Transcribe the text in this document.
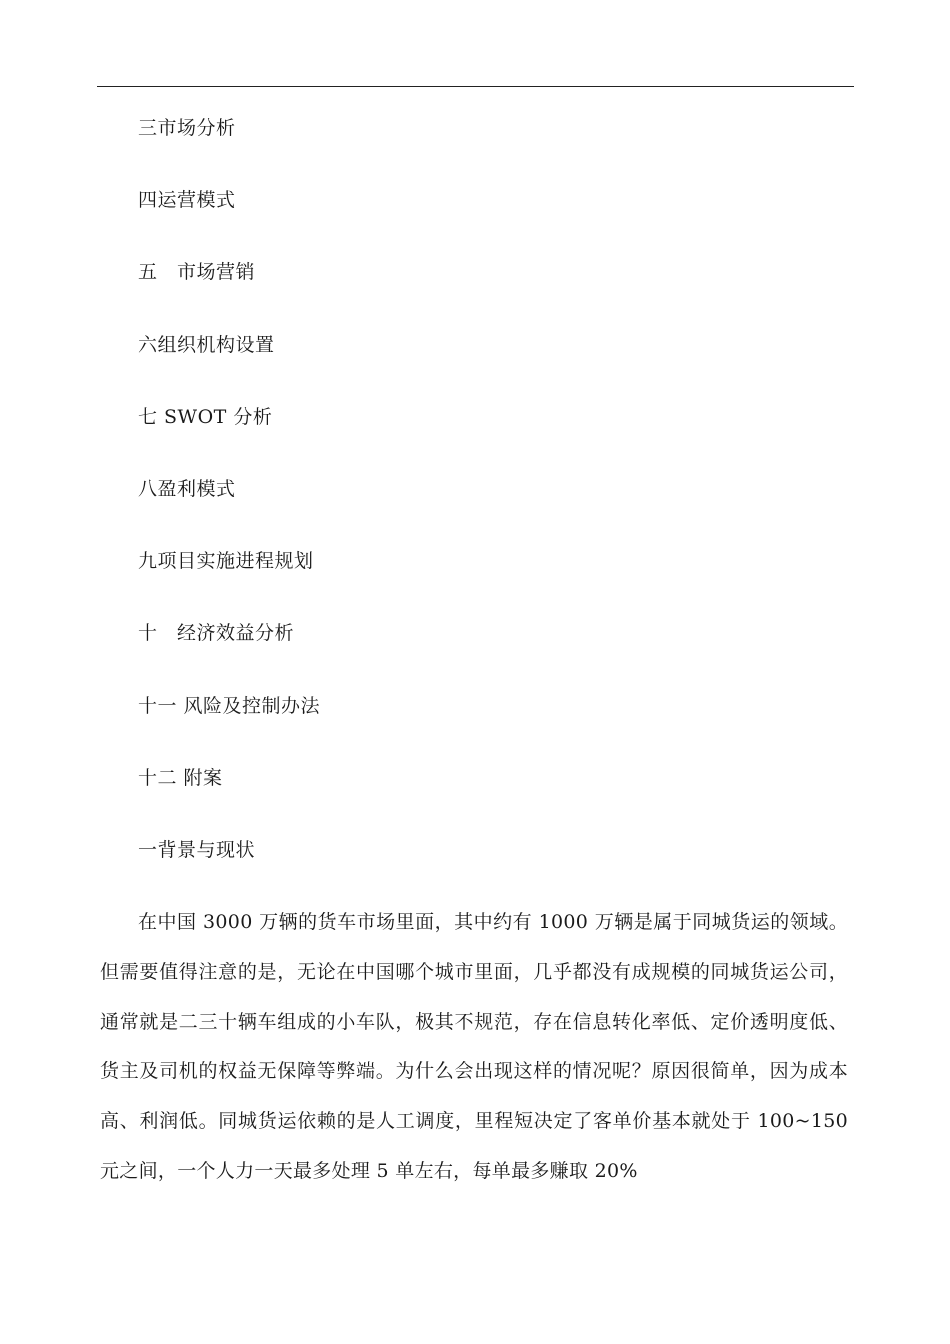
三市场分析
四运营模式
五　市场营销
六组织机构设置
七 SWOT 分析
八盈利模式
九项目实施进程规划
十　经济效益分析
十一 风险及控制办法
十二 附案
一背景与现状

在中国 3000 万辆的货车市场里面，其中约有 1000 万辆是属于同城货运的领域。但需要值得注意的是，无论在中国哪个城市里面，几乎都没有成规模的同城货运公司，通常就是二三十辆车组成的小车队，极其不规范，存在信息转化率低、定价透明度低、货主及司机的权益无保障等弊端。为什么会出现这样的情况呢？原因很简单，因为成本高、利润低。同城货运依赖的是人工调度，里程短决定了客单价基本就处于 100~150 元之间，一个人力一天最多处理 5 单左右，每单最多赚取 20%
